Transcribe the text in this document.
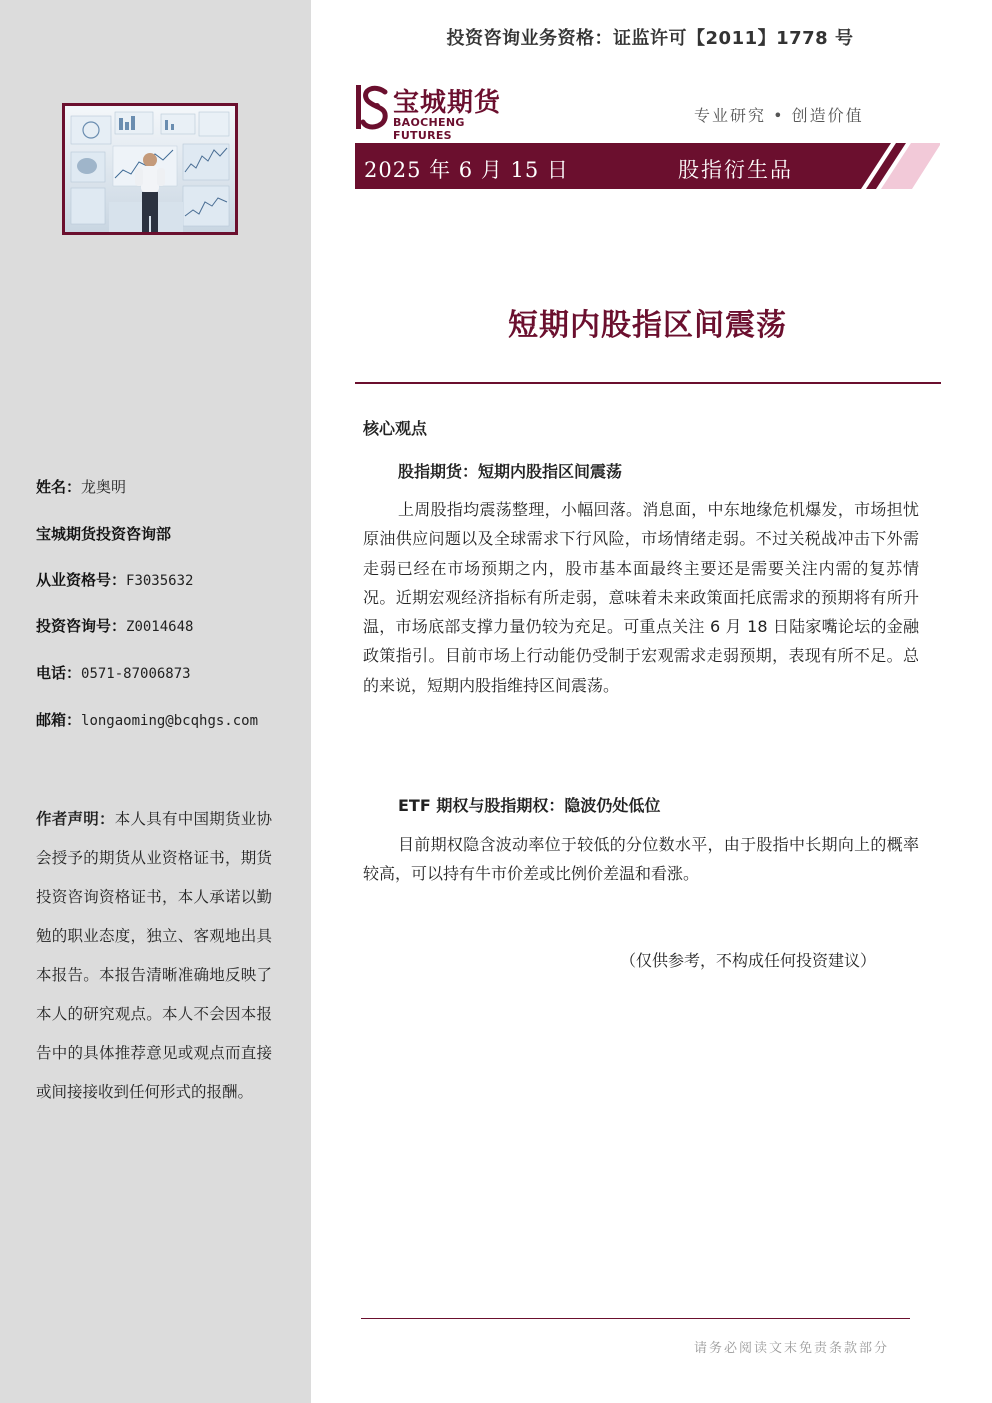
姓名：龙奥明
宝城期货投资咨询部
从业资格号：F3035632
投资咨询号：Z0014648
电话：0571-87006873
邮箱：longaoming@bcqhgs.com
作者声明：本人具有中国期货业协会授予的期货从业资格证书，期货投资咨询资格证书，本人承诺以勤勉的职业态度，独立、客观地出具本报告。本报告清晰准确地反映了本人的研究观点。本人不会因本报告中的具体推荐意见或观点而直接或间接接收到任何形式的报酬。
投资咨询业务资格：证监许可【2011】1778 号
宝城期货
BAOCHENG FUTURES
专业研究 • 创造价值
2025 年 6 月 15 日	股指衍生品
短期内股指区间震荡
核心观点
股指期货：短期内股指区间震荡
上周股指均震荡整理，小幅回落。消息面，中东地缘危机爆发，市场担忧原油供应问题以及全球需求下行风险，市场情绪走弱。不过关税战冲击下外需走弱已经在市场预期之内，股市基本面最终主要还是需要关注内需的复苏情况。近期宏观经济指标有所走弱，意味着未来政策面托底需求的预期将有所升温，市场底部支撑力量仍较为充足。可重点关注 6 月 18 日陆家嘴论坛的金融政策指引。目前市场上行动能仍受制于宏观需求走弱预期，表现有所不足。总的来说，短期内股指维持区间震荡。
ETF 期权与股指期权：隐波仍处低位
目前期权隐含波动率位于较低的分位数水平，由于股指中长期向上的概率较高，可以持有牛市价差或比例价差温和看涨。
（仅供参考，不构成任何投资建议）
请务必阅读文末免责条款部分
